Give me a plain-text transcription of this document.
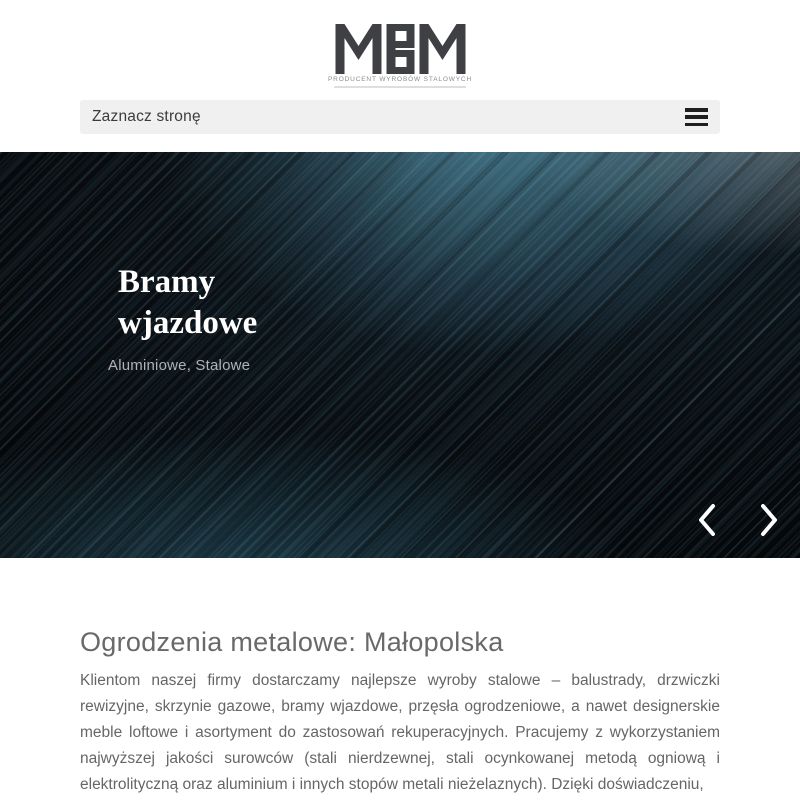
PRODUCENT WYROBÓW STALOWYCH
Zaznacz stronę
Bramy wjazdowe

Aluminiowe, Stalowe

Ogrodzenia metalowe: Małopolska

Klientom naszej firmy dostarczamy najlepsze wyroby stalowe – balustrady, drzwiczki rewizyjne, skrzynie gazowe, bramy wjazdowe, przęsła ogrodzeniowe, a nawet designerskie meble loftowe i asortyment do zastosowań rekuperacyjnych. Pracujemy z wykorzystaniem najwyższej jakości surowców (stali nierdzewnej, stali ocynkowanej metodą ogniową i elektrolityczną oraz aluminium i innych stopów metali nieżelaznych). Dzięki doświadczeniu,
